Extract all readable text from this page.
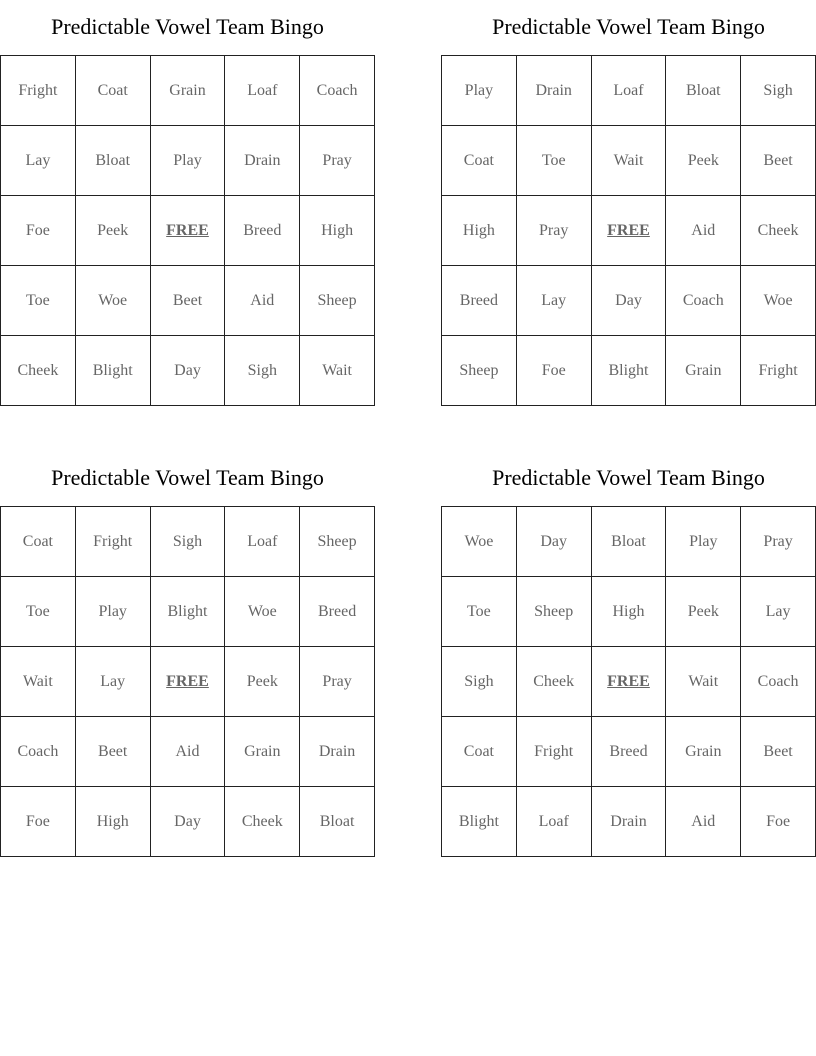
Predictable Vowel Team Bingo
Fright	Coat	Grain	Loaf	Coach
Lay	Bloat	Play	Drain	Pray
Foe	Peek	FREE	Breed	High
Toe	Woe	Beet	Aid	Sheep
Cheek	Blight	Day	Sigh	Wait
Predictable Vowel Team Bingo
Play	Drain	Loaf	Bloat	Sigh
Coat	Toe	Wait	Peek	Beet
High	Pray	FREE	Aid	Cheek
Breed	Lay	Day	Coach	Woe
Sheep	Foe	Blight	Grain	Fright
Predictable Vowel Team Bingo
Coat	Fright	Sigh	Loaf	Sheep
Toe	Play	Blight	Woe	Breed
Wait	Lay	FREE	Peek	Pray
Coach	Beet	Aid	Grain	Drain
Foe	High	Day	Cheek	Bloat
Predictable Vowel Team Bingo
Woe	Day	Bloat	Play	Pray
Toe	Sheep	High	Peek	Lay
Sigh	Cheek	FREE	Wait	Coach
Coat	Fright	Breed	Grain	Beet
Blight	Loaf	Drain	Aid	Foe
